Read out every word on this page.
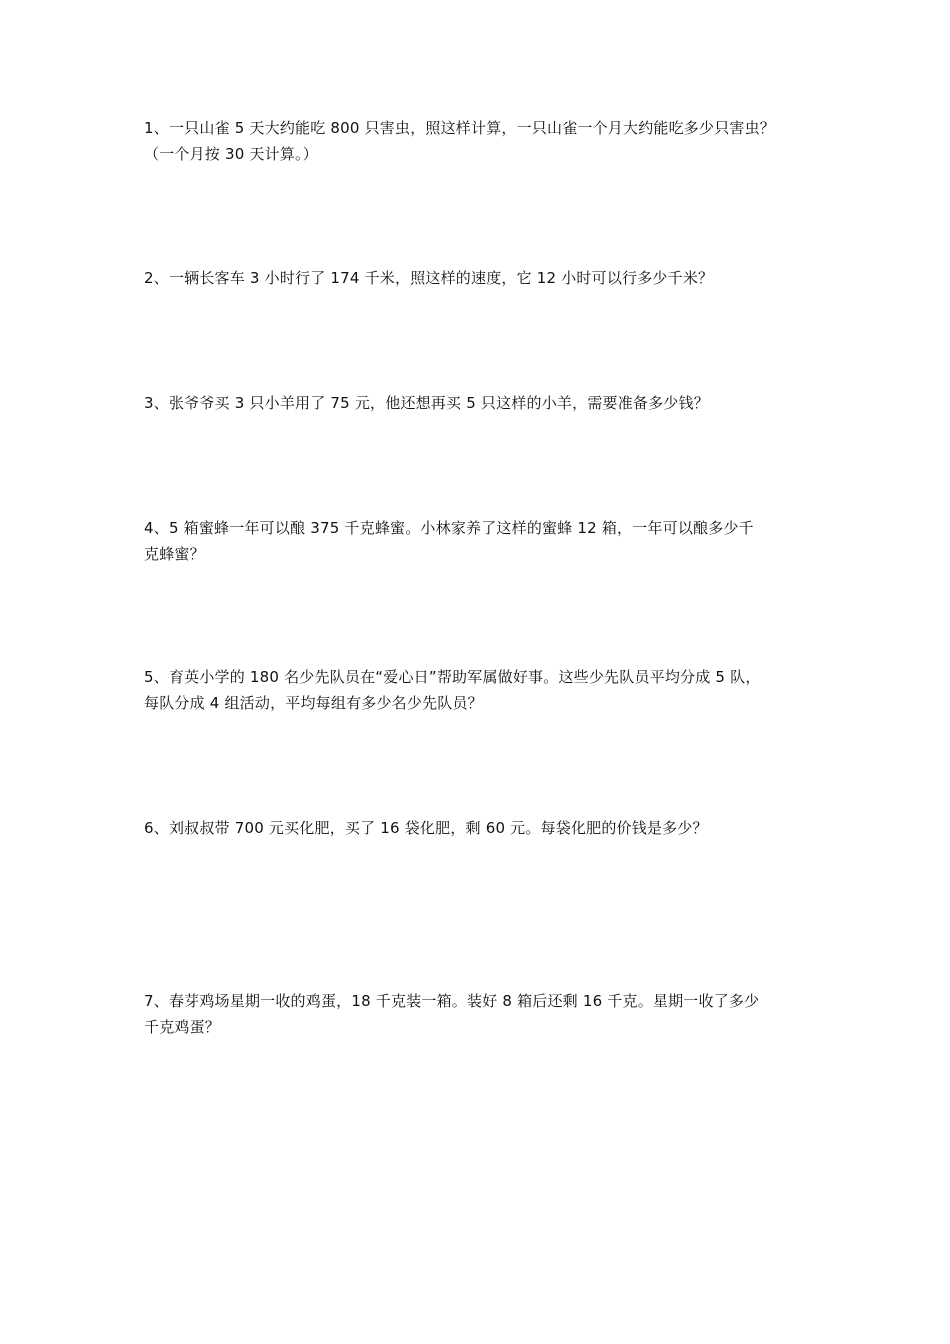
1、一只山雀 5 天大约能吃 800 只害虫，照这样计算，一只山雀一个月大约能吃多少只害虫？
（一个月按 30 天计算。）
2、一辆长客车 3 小时行了 174 千米，照这样的速度，它 12 小时可以行多少千米？
3、张爷爷买 3 只小羊用了 75 元，他还想再买 5 只这样的小羊，需要准备多少钱？
4、5 箱蜜蜂一年可以酿 375 千克蜂蜜。小林家养了这样的蜜蜂 12 箱，一年可以酿多少千
克蜂蜜？
5、育英小学的 180 名少先队员在“爱心日”帮助军属做好事。这些少先队员平均分成 5 队，
每队分成 4 组活动，平均每组有多少名少先队员？
6、刘叔叔带 700 元买化肥，买了 16 袋化肥，剩 60 元。每袋化肥的价钱是多少？
7、春芽鸡场星期一收的鸡蛋，18 千克装一箱。装好 8 箱后还剩 16 千克。星期一收了多少
千克鸡蛋？
